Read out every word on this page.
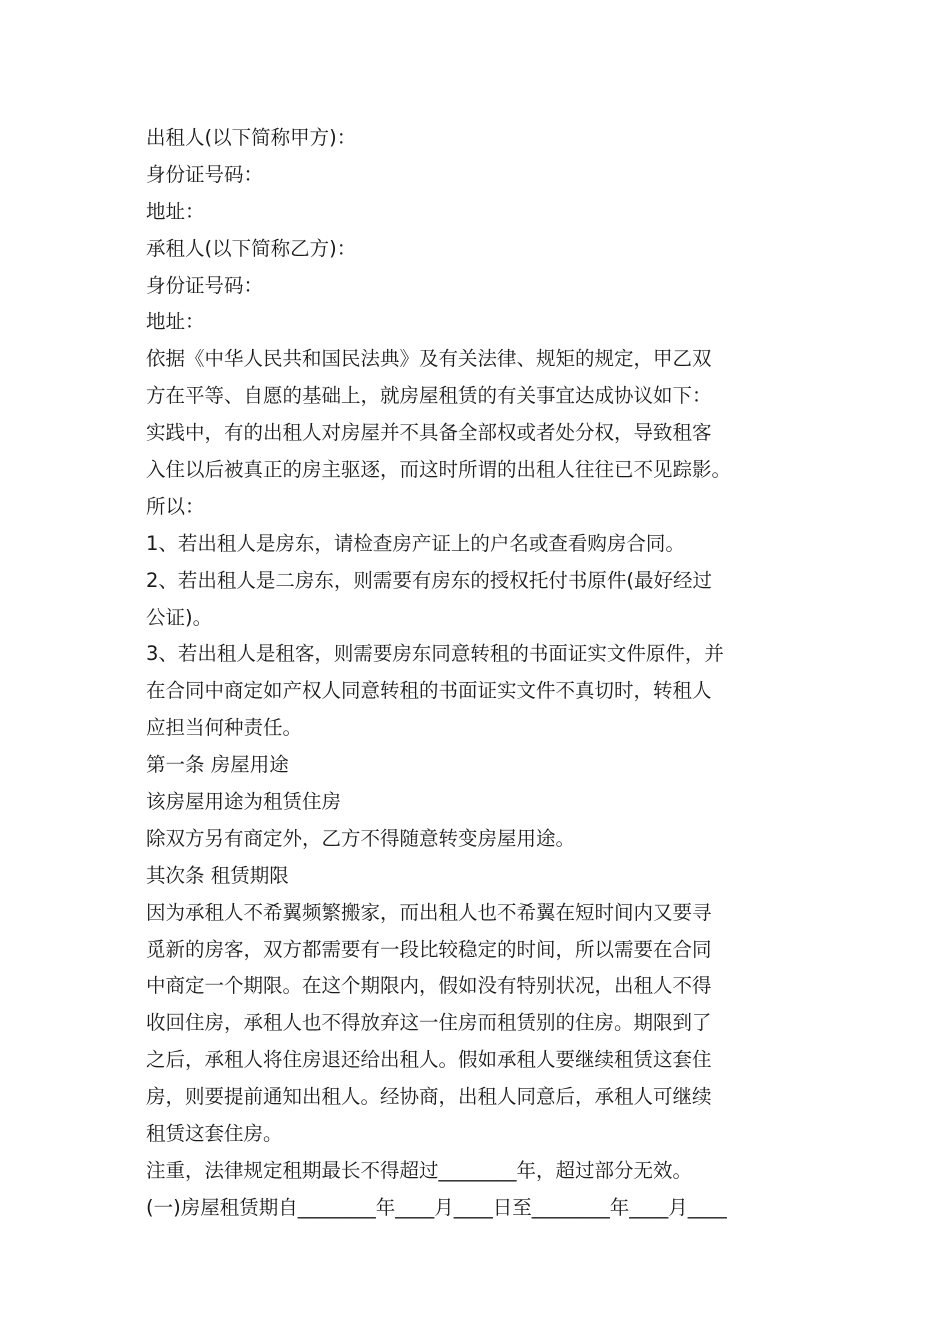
出租人(以下简称甲方)：
身份证号码：
地址：
承租人(以下简称乙方)：
身份证号码：
地址：
依据《中华人民共和国民法典》及有关法律、规矩的规定，甲乙双
方在平等、自愿的基础上，就房屋租赁的有关事宜达成协议如下：
实践中，有的出租人对房屋并不具备全部权或者处分权，导致租客
入住以后被真正的房主驱逐，而这时所谓的出租人往往已不见踪影。
所以：
1、若出租人是房东，请检查房产证上的户名或查看购房合同。
2、若出租人是二房东，则需要有房东的授权托付书原件(最好经过
公证)。
3、若出租人是租客，则需要房东同意转租的书面证实文件原件，并
在合同中商定如产权人同意转租的书面证实文件不真切时，转租人
应担当何种责任。
第一条 房屋用途
该房屋用途为租赁住房
除双方另有商定外，乙方不得随意转变房屋用途。
其次条 租赁期限
因为承租人不希翼频繁搬家，而出租人也不希翼在短时间内又要寻
觅新的房客，双方都需要有一段比较稳定的时间，所以需要在合同
中商定一个期限。在这个期限内，假如没有特别状况，出租人不得
收回住房，承租人也不得放弃这一住房而租赁别的住房。期限到了
之后，承租人将住房退还给出租人。假如承租人要继续租赁这套住
房，则要提前通知出租人。经协商，出租人同意后，承租人可继续
租赁这套住房。
注重，法律规定租期最长不得超过________年，超过部分无效。
(一)房屋租赁期自________年____月____日至________年____月____
